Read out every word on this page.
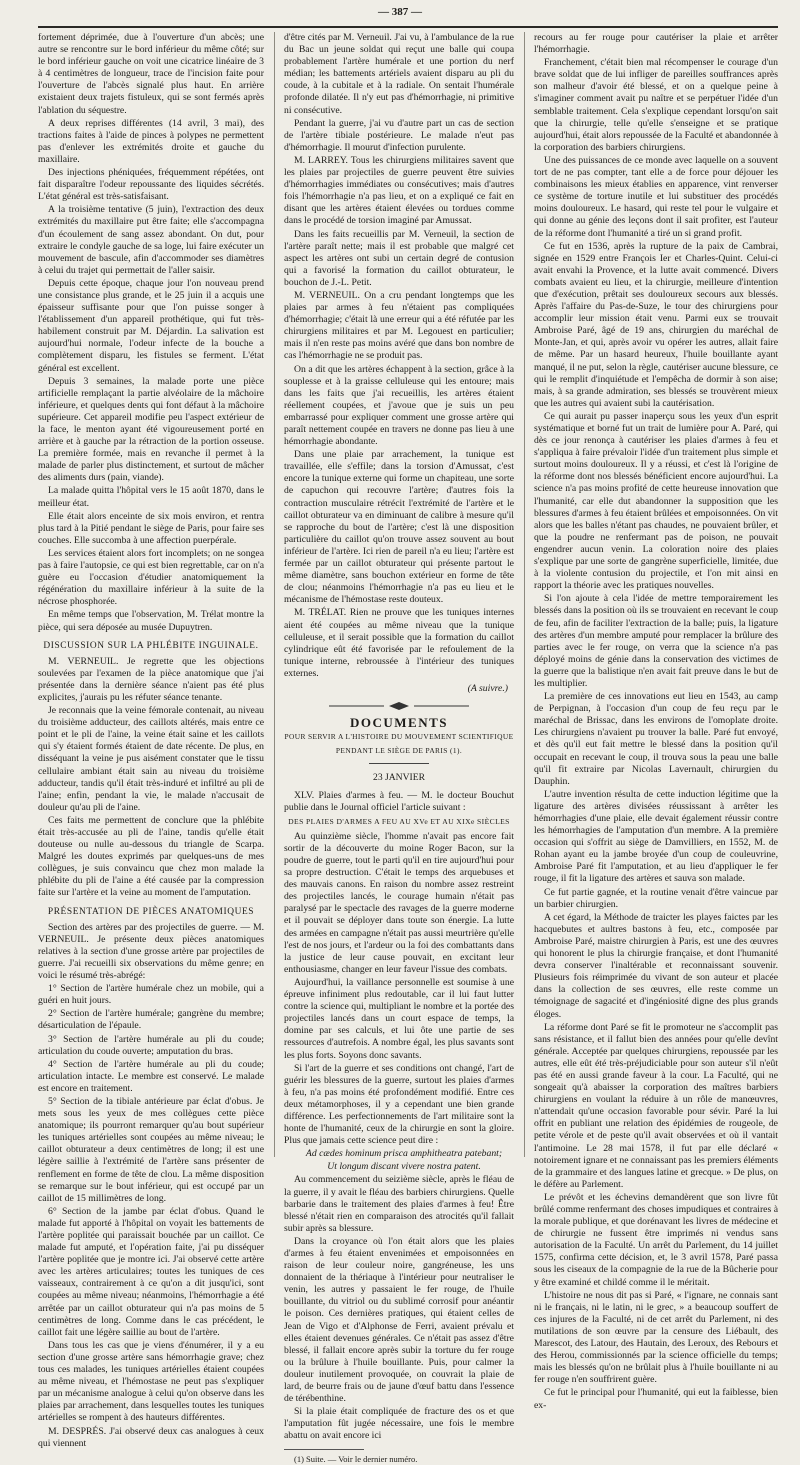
— 387 —

fortement déprimée, due à l'ouverture d'un abcès; une autre se rencontre sur le bord inférieur du même côté; sur le bord inférieur gauche on voit une cicatrice linéaire de 3 à 4 centimètres de longueur, trace de l'incision faite pour l'ouverture de l'abcès signalé plus haut. En arrière existaient deux trajets fistuleux, qui se sont fermés après l'ablation du séquestre.

A deux reprises différentes (14 avril, 3 mai), des tractions faites à l'aide de pinces à polypes ne permettent pas d'enlever les extrémités droite et gauche du maxillaire.

Des injections phéniquées, fréquemment répétées, ont fait disparaître l'odeur repoussante des liquides sécrétés. L'état général est très-satisfaisant.

A la troisième tentative (5 juin), l'extraction des deux extrémités du maxillaire put être faite; elle s'accompagna d'un écoulement de sang assez abondant. On dut, pour extraire le condyle gauche de sa loge, lui faire exécuter un mouvement de bascule, afin d'accommoder ses diamètres à celui du trajet qui permettait de l'aller saisir.

Depuis cette époque, chaque jour l'on nouveau prend une consistance plus grande, et le 25 juin il a acquis une épaisseur suffisante pour que l'on puisse songer à l'établissement d'un appareil prothétique, qui fut très-habilement construit par M. Déjardin. La salivation est aujourd'hui normale, l'odeur infecte de la bouche a complètement disparu, les fistules se ferment. L'état général est excellent.

Depuis 3 semaines, la malade porte une pièce artificielle remplaçant la partie alvéolaire de la mâchoire inférieure, et quelques dents qui font défaut à la mâchoire supérieure. Cet appareil modifie peu l'aspect extérieur de la face, le menton ayant été vigoureusement porté en arrière et à gauche par la rétraction de la portion osseuse. La première formée, mais en revanche il permet à la malade de parler plus distinctement, et surtout de mâcher des aliments durs (pain, viande).

La malade quitta l'hôpital vers le 15 août 1870, dans le meilleur état.

Elle était alors enceinte de six mois environ, et rentra plus tard à la Pitié pendant le siège de Paris, pour faire ses couches. Elle succomba à une affection puerpérale.

Les services étaient alors fort incomplets; on ne songea pas à faire l'autopsie, ce qui est bien regrettable, car on n'a guère eu l'occasion d'étudier anatomiquement la régénération du maxillaire inférieur à la suite de la nécrose phosphorée.

En même temps que l'observation, M. Trélat montre la pièce, qui sera déposée au musée Dupuytren.

DISCUSSION SUR LA PHLÉBITE INGUINALE.

M. VERNEUIL. Je regrette que les objections soulevées par l'examen de la pièce anatomique que j'ai présentée dans la dernière séance n'aient pas été plus explicites, j'aurais pu les réfuter séance tenante.

Je reconnais que la veine fémorale contenait, au niveau du troisième adducteur, des caillots altérés, mais entre ce point et le pli de l'aine, la veine était saine et les caillots qui s'y étaient formés étaient de date récente. De plus, en disséquant la veine je pus aisément constater que le tissu cellulaire ambiant était sain au niveau du troisième adducteur, tandis qu'il était très-induré et infiltré au pli de l'aine; enfin, pendant la vie, le malade n'accusait de douleur qu'au pli de l'aine.

Ces faits me permettent de conclure que la phlébite était très-accusée au pli de l'aine, tandis qu'elle était douteuse ou nulle au-dessous du triangle de Scarpa. Malgré les doutes exprimés par quelques-uns de mes collègues, je suis convaincu que chez mon malade la phlébite du pli de l'aine a été causée par la compression faite sur l'artère et la veine au moment de l'amputation.

PRÉSENTATION DE PIÈCES ANATOMIQUES

Section des artères par des projectiles de guerre. — M. VERNEUIL. Je présente deux pièces anatomiques relatives à la section d'une grosse artère par projectiles de guerre. J'ai recueilli six observations du même genre; en voici le résumé très-abrégé:

1° Section de l'artère humérale chez un mobile, qui a guéri en huit jours.

2° Section de l'artère humérale; gangrène du membre; désarticulation de l'épaule.

3° Section de l'artère humérale au pli du coude; articulation du coude ouverte; amputation du bras.

4° Section de l'artère humérale au pli du coude; articulation intacte. Le membre est conservé. Le malade est encore en traitement.

5° Section de la tibiale antérieure par éclat d'obus. Je mets sous les yeux de mes collègues cette pièce anatomique; ils pourront remarquer qu'au bout supérieur les tuniques artérielles sont coupées au même niveau; le caillot obturateur a deux centimètres de long; il est une légère saillie à l'extrémité de l'artère sans présenter de renflement en forme de tête de clou. La même disposition se remarque sur le bout inférieur, qui est occupé par un caillot de 15 millimètres de long.

6° Section de la jambe par éclat d'obus. Quand le malade fut apporté à l'hôpital on voyait les battements de l'artère poplitée qui paraissait bouchée par un caillot. Ce malade fut amputé, et l'opération faite, j'ai pu disséquer l'artère poplitée que je montre ici. J'ai observé cette artère avec les artères articulaires; toutes les tuniques de ces vaisseaux, contrairement à ce qu'on a dit jusqu'ici, sont coupées au même niveau; néanmoins, l'hémorrhagie a été arrêtée par un caillot obturateur qui n'a pas moins de 5 centimètres de long. Comme dans le cas précédent, le caillot fait une légère saillie au bout de l'artère.

Dans tous les cas que je viens d'énumérer, il y a eu section d'une grosse artère sans hémorrhagie grave; chez tous ces malades, les tuniques artérielles étaient coupées au même niveau, et l'hémostase ne peut pas s'expliquer par un mécanisme analogue à celui qu'on observe dans les plaies par arrachement, dans lesquelles toutes les tuniques artérielles se rompent à des hauteurs différentes.

M. DESPRÉS. J'ai observé deux cas analogues à ceux qui viennent

d'être cités par M. Verneuil. J'ai vu, à l'ambulance de la rue du Bac un jeune soldat qui reçut une balle qui coupa probablement l'artère humérale et une portion du nerf médian; les battements artériels avaient disparu au pli du coude, à la cubitale et à la radiale. On sentait l'humérale profonde dilatée. Il n'y eut pas d'hémorrhagie, ni primitive ni consécutive.

Pendant la guerre, j'ai vu d'autre part un cas de section de l'artère tibiale postérieure. Le malade n'eut pas d'hémorrhagie. Il mourut d'infection purulente.

M. LARREY. Tous les chirurgiens militaires savent que les plaies par projectiles de guerre peuvent être suivies d'hémorrhagies immédiates ou consécutives; mais d'autres fois l'hémorrhagie n'a pas lieu, et on a expliqué ce fait en disant que les artères étaient élevées ou tordues comme dans le procédé de torsion imaginé par Amussat.

Dans les faits recueillis par M. Verneuil, la section de l'artère paraît nette; mais il est probable que malgré cet aspect les artères ont subi un certain degré de contusion qui a favorisé la formation du caillot obturateur, le bouchon de J.-L. Petit.

M. VERNEUIL. On a cru pendant longtemps que les plaies par armes à feu n'étaient pas compliquées d'hémorrhagie; c'était là une erreur qui a été réfutée par les chirurgiens militaires et par M. Legouest en particulier; mais il n'en reste pas moins avéré que dans bon nombre de cas l'hémorrhagie ne se produit pas.

On a dit que les artères échappent à la section, grâce à la souplesse et à la graisse celluleuse qui les entoure; mais dans les faits que j'ai recueillis, les artères étaient réellement coupées, et j'avoue que je suis un peu embarrassé pour expliquer comment une grosse artère qui paraît nettement coupée en travers ne donne pas lieu à une hémorrhagie abondante.

Dans une plaie par arrachement, la tunique est travaillée, elle s'effile; dans la torsion d'Amussat, c'est encore la tunique externe qui forme un chapiteau, une sorte de capuchon qui recouvre l'artère; d'autres fois la contraction musculaire rétrécit l'extrémité de l'artère et le caillot obturateur va en diminuant de calibre à mesure qu'il se rapproche du bout de l'artère; c'est là une disposition particulière du caillot qu'on trouve assez souvent au bout inférieur de l'artère. Ici rien de pareil n'a eu lieu; l'artère est fermée par un caillot obturateur qui présente partout le même diamètre, sans bouchon extérieur en forme de tête de clou; néanmoins l'hémorrhagie n'a pas eu lieu et le mécanisme de l'hémostase reste douteux.

M. TRÉLAT. Rien ne prouve que les tuniques internes aient été coupées au même niveau que la tunique celluleuse, et il serait possible que la formation du caillot cylindrique eût été favorisée par le refoulement de la tunique interne, rebroussée à l'intérieur des tuniques externes.

(A suivre.)
DOCUMENTS
POUR SERVIR A L'HISTOIRE DU MOUVEMENT SCIENTIFIQUE
PENDANT LE SIÈGE DE PARIS (1).
23 JANVIER

XLV. Plaies d'armes à feu. — M. le docteur Bouchut publie dans le Journal officiel l'article suivant :

DES PLAIES D'ARMES A FEU AU XVe ET AU XIXe SIÈCLES

Au quinzième siècle, l'homme n'avait pas encore fait sortir de la découverte du moine Roger Bacon, sur la poudre de guerre, tout le parti qu'il en tire aujourd'hui pour sa propre destruction. C'était le temps des arquebuses et des mauvais canons. En raison du nombre assez restreint des projectiles lancés, le courage humain n'était pas paralysé par le spectacle des ravages de la guerre moderne et il pouvait se déployer dans toute son énergie. La lutte des armées en campagne n'était pas aussi meurtrière qu'elle l'est de nos jours, et l'ardeur ou la foi des combattants dans la justice de leur cause pouvait, en excitant leur enthousiasme, changer en leur faveur l'issue des combats.

Aujourd'hui, la vaillance personnelle est soumise à une épreuve infiniment plus redoutable, car il lui faut lutter contre la science qui, multipliant le nombre et la portée des projectiles lancés dans un court espace de temps, la domine par ses calculs, et lui ôte une partie de ses ressources d'autrefois. A nombre égal, les plus savants sont les plus forts. Soyons donc savants.

Si l'art de la guerre et ses conditions ont changé, l'art de guérir les blessures de la guerre, surtout les plaies d'armes à feu, n'a pas moins été profondément modifié. Entre ces deux métamorphoses, il y a cependant une bien grande différence. Les perfectionnements de l'art militaire sont la honte de l'humanité, ceux de la chirurgie en sont la gloire. Plus que jamais cette science peut dire :

Ad cædes hominum prisca amphitheatra patebant;

Ut longum discant vivere nostra patent.

Au commencement du seizième siècle, après le fléau de la guerre, il y avait le fléau des barbiers chirurgiens. Quelle barbarie dans le traitement des plaies d'armes à feu! Être blessé n'était rien en comparaison des atrocités qu'il fallait subir après sa blessure.

Dans la croyance où l'on était alors que les plaies d'armes à feu étaient envenimées et empoisonnées en raison de leur couleur noire, gangréneuse, les uns donnaient de la thériaque à l'intérieur pour neutraliser le venin, les autres y passaient le fer rouge, de l'huile bouillante, du vitriol ou du sublimé corrosif pour anéantir le poison. Ces dernières pratiques, qui étaient celles de Jean de Vigo et d'Alphonse de Ferri, avaient prévalu et elles étaient devenues générales. Ce n'était pas assez d'être blessé, il fallait encore après subir la torture du fer rouge ou la brûlure à l'huile bouillante. Puis, pour calmer la douleur inutilement provoquée, on couvrait la plaie de lard, de beurre frais ou de jaune d'œuf battu dans l'essence de térébenthine.

Si la plaie était compliquée de fracture des os et que l'amputation fût jugée nécessaire, une fois le membre abattu on avait encore ici

(1) Suite. — Voir le dernier numéro.

recours au fer rouge pour cautériser la plaie et arrêter l'hémorrhagie.

Franchement, c'était bien mal récompenser le courage d'un brave soldat que de lui infliger de pareilles souffrances après son malheur d'avoir été blessé, et on a quelque peine à s'imaginer comment avait pu naître et se perpétuer l'idée d'un semblable traitement. Cela s'explique cependant lorsqu'on sait que la chirurgie, telle qu'elle s'enseigne et se pratique aujourd'hui, était alors repoussée de la Faculté et abandonnée à la corporation des barbiers chirurgiens.

Une des puissances de ce monde avec laquelle on a souvent tort de ne pas compter, tant elle a de force pour déjouer les combinaisons les mieux établies en apparence, vint renverser ce système de torture inutile et lui substituer des procédés moins douloureux. Le hasard, qui reste tel pour le vulgaire et qui donne au génie des leçons dont il sait profiter, est l'auteur de la réforme dont l'humanité a tiré un si grand profit.

Ce fut en 1536, après la rupture de la paix de Cambrai, signée en 1529 entre François Ier et Charles-Quint. Celui-ci avait envahi la Provence, et la lutte avait commencé. Divers combats avaient eu lieu, et la chirurgie, meilleure d'intention que d'exécution, prêtait ses douloureux secours aux blessés. Après l'affaire du Pas-de-Suze, le tour des chirurgiens pour accomplir leur mission était venu. Parmi eux se trouvait Ambroise Paré, âgé de 19 ans, chirurgien du maréchal de Monte-Jan, et qui, après avoir vu opérer les autres, allait faire de même. Par un hasard heureux, l'huile bouillante ayant manqué, il ne put, selon la règle, cautériser aucune blessure, ce qui le remplit d'inquiétude et l'empêcha de dormir à son aise; mais, à sa grande admiration, ses blessés se trouvèrent mieux que les autres qui avaient subi la cautérisation.

Ce qui aurait pu passer inaperçu sous les yeux d'un esprit systématique et borné fut un trait de lumière pour A. Paré, qui dès ce jour renonça à cautériser les plaies d'armes à feu et s'appliqua à faire prévaloir l'idée d'un traitement plus simple et surtout moins douloureux. Il y a réussi, et c'est là l'origine de la réforme dont nos blessés bénéficient encore aujourd'hui. La science n'a pas moins profité de cette heureuse innovation que l'humanité, car elle dut abandonner la supposition que les blessures d'armes à feu étaient brûlées et empoisonnées. On vit alors que les balles n'étant pas chaudes, ne pouvaient brûler, et que la poudre ne renfermant pas de poison, ne pouvait engendrer aucun venin. La coloration noire des plaies s'explique par une sorte de gangrène superficielle, limitée, due à la violente contusion du projectile, et l'on mit ainsi en rapport la théorie avec les pratiques nouvelles.

Si l'on ajoute à cela l'idée de mettre temporairement les blessés dans la position où ils se trouvaient en recevant le coup de feu, afin de faciliter l'extraction de la balle; puis, la ligature des artères d'un membre amputé pour remplacer la brûlure des parties avec le fer rouge, on verra que la science n'a pas déployé moins de génie dans la conservation des victimes de la guerre que la balistique n'en avait fait preuve dans le but de les multiplier.

La première de ces innovations eut lieu en 1543, au camp de Perpignan, à l'occasion d'un coup de feu reçu par le maréchal de Brissac, dans les environs de l'omoplate droite. Les chirurgiens n'avaient pu trouver la balle. Paré fut envoyé, et dès qu'il eut fait mettre le blessé dans la position qu'il occupait en recevant le coup, il trouva sous la peau une balle qu'il fit extraire par Nicolas Lavernault, chirurgien du Dauphin.

L'autre invention résulta de cette induction légitime que la ligature des artères divisées réussissant à arrêter les hémorrhagies d'une plaie, elle devait également réussir contre les hémorrhagies de l'amputation d'un membre. A la première occasion qui s'offrit au siège de Damvilliers, en 1552, M. de Rohan ayant eu la jambe broyée d'un coup de couleuvrine, Ambroise Paré fit l'amputation, et au lieu d'appliquer le fer rouge, il fit la ligature des artères et sauva son malade.

Ce fut partie gagnée, et la routine venait d'être vaincue par un barbier chirurgien.

A cet égard, la Méthode de traicter les playes faictes par les hacquebutes et aultres bastons à feu, etc., composée par Ambroise Paré, maistre chirurgien à Paris, est une des œuvres qui honorent le plus la chirurgie française, et dont l'humanité devra conserver l'inaltérable et reconnaissant souvenir. Plusieurs fois réimprimée du vivant de son auteur et placée dans la collection de ses œuvres, elle reste comme un témoignage de sagacité et d'ingéniosité digne des plus grands éloges.

La réforme dont Paré se fit le promoteur ne s'accomplit pas sans résistance, et il fallut bien des années pour qu'elle devînt générale. Acceptée par quelques chirurgiens, repoussée par les autres, elle eût été très-préjudiciable pour son auteur s'il n'eût pas été en aussi grande faveur à la cour. La Faculté, qui ne songeait qu'à abaisser la corporation des maîtres barbiers chirurgiens en voulant la réduire à un rôle de manœuvres, n'attendait qu'une occasion favorable pour sévir. Paré la lui offrit en publiant une relation des épidémies de rougeole, de petite vérole et de peste qu'il avait observées et où il vantait l'antimoine. Le 28 mai 1578, il fut par elle déclaré « notoirement ignare et ne connaissant pas les premiers éléments de la grammaire et des langues latine et grecque. » De plus, on le défère au Parlement.

Le prévôt et les échevins demandèrent que son livre fût brûlé comme renfermant des choses impudiques et contraires à la morale publique, et que dorénavant les livres de médecine et de chirurgie ne fussent être imprimés ni vendus sans autorisation de la Faculté. Un arrêt du Parlement, du 14 juillet 1575, confirma cette décision, et, le 3 avril 1578, Paré passa sous les ciseaux de la compagnie de la rue de la Bûcherie pour y être examiné et childé comme il le méritait.

L'histoire ne nous dit pas si Paré, « l'ignare, ne connais sant ni le français, ni le latin, ni le grec, » a beaucoup souffert de ces injures de la Faculté, ni de cet arrêt du Parlement, ni des mutilations de son œuvre par la censure des Liébault, des Marescot, des Latour, des Hautain, des Leroux, des Rebours et des Herou, commissionnés par la science officielle du temps; mais les blessés qu'on ne brûlait plus à l'huile bouillante ni au fer rouge n'en souffrirent guère.

Ce fut le principal pour l'humanité, qui eut la faiblesse, bien ex-
